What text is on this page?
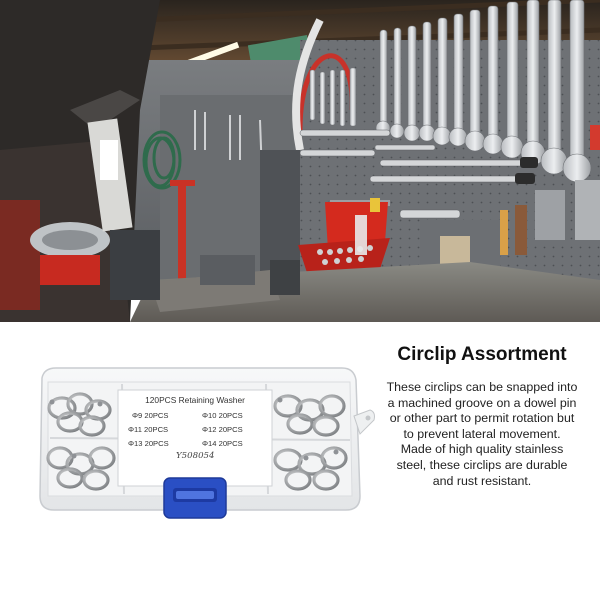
120PCS Retaining Washer
Φ9 20PCS	Φ10 20PCS
Φ11 20PCS	Φ12 20PCS
Φ13 20PCS	Φ14 20PCS
Y508054
Circlip Assortment

These circlips can be snapped into a machined groove on a dowel pin or other part to permit rotation but to prevent lateral movement.

Made of high quality stainless steel, these circlips are durable and rust resistant.
